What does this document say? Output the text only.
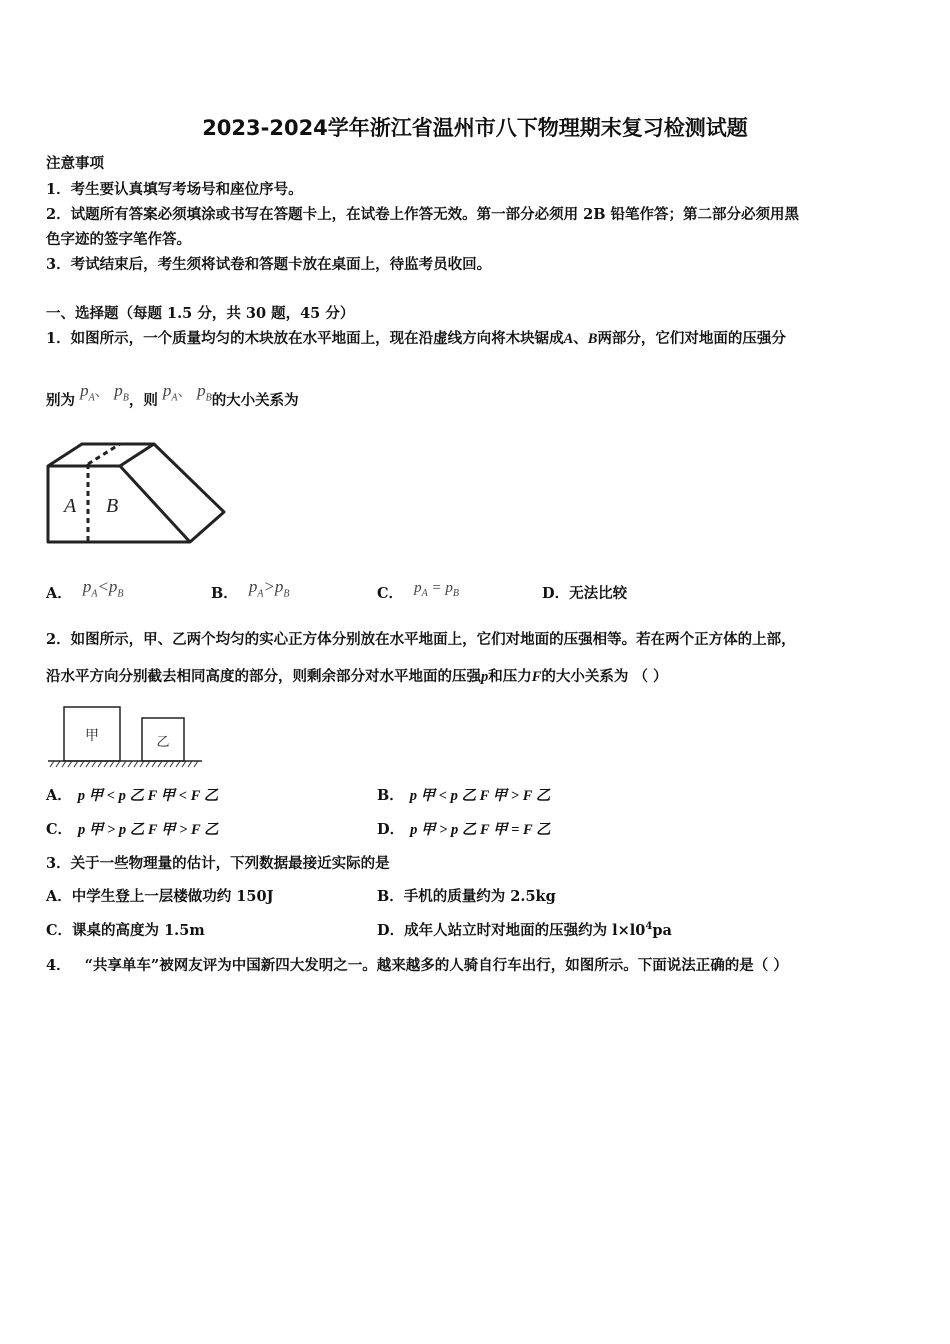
2023-2024学年浙江省温州市八下物理期末复习检测试题
注意事项
1．考生要认真填写考场号和座位序号。
2．试题所有答案必须填涂或书写在答题卡上，在试卷上作答无效。第一部分必须用 2B 铅笔作答；第二部分必须用黑
色字迹的签字笔作答。
3．考试结束后，考生须将试卷和答题卡放在桌面上，待监考员收回。
一、选择题（每题 1.5 分，共 30 题，45 分）
1．如图所示，一个质量均匀的木块放在水平地面上，现在沿虚线方向将木块锯成A、B两部分，它们对地面的压强分
别为 $p_A$、 $p_B$，则 $p_A$、 $p_B$的大小关系为
A B
A． $p_A<p_B$	B． $p_A>p_B$	C． $p_A = p_B$	D．无法比较
2．如图所示，甲、乙两个均匀的实心正方体分别放在水平地面上，它们对地面的压强相等。若在两个正方体的上部，
沿水平方向分别截去相同高度的部分，则剩余部分对水平地面的压强p和压力F的大小关系为 （ ）
甲	乙
A． p 甲 < p 乙 F 甲 < F 乙	B． p 甲 < p 乙 F 甲 > F 乙
C． p 甲 > p 乙 F 甲 > F 乙	D． p 甲 > p 乙 F 甲 = F 乙
3．关于一些物理量的估计，下列数据最接近实际的是
A．中学生登上一层楼做功约 150J	B．手机的质量约为 2.5kg
C．课桌的高度为 1.5m	D．成年人站立时对地面的压强约为 $l\times l0^4pa$
4． “共享单车”被网友评为中国新四大发明之一。越来越多的人骑自行车出行，如图所示。下面说法正确的是（ ）
